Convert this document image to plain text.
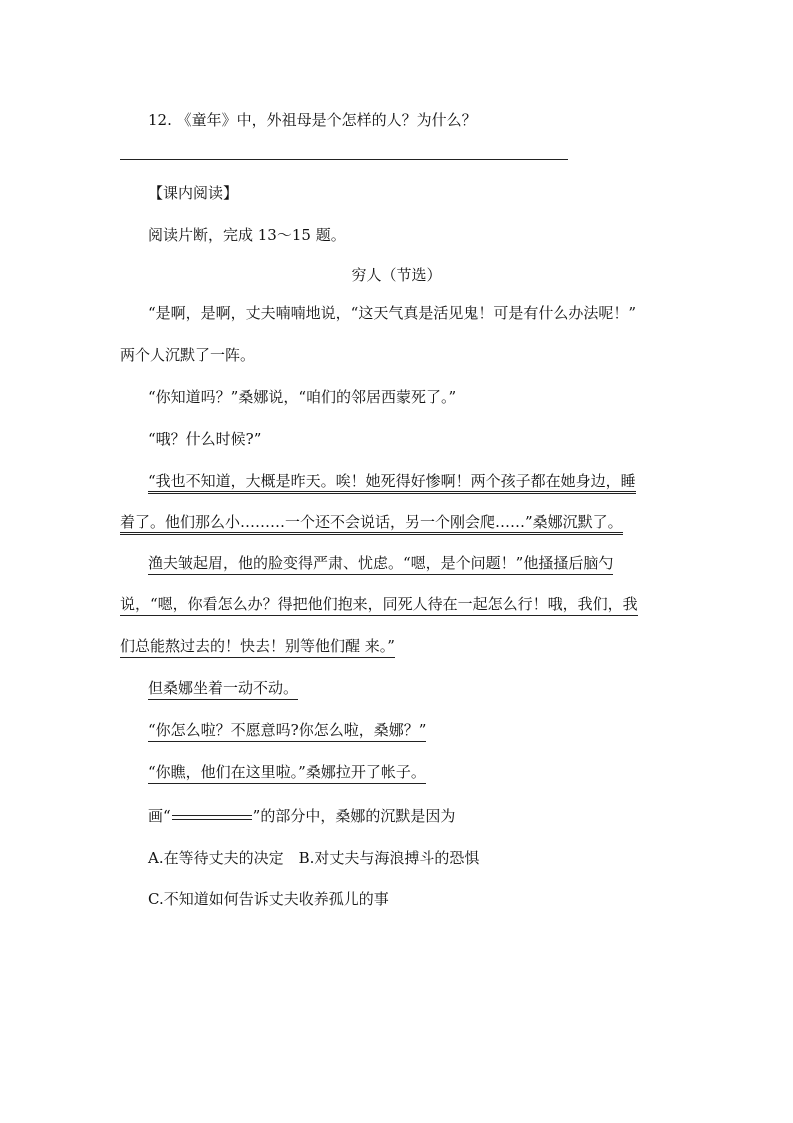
12. 《童年》中，外祖母是个怎样的人？为什么？
【课内阅读】
阅读片断，完成 13～15 题。
穷人（节选）
“是啊，是啊，丈夫喃喃地说，“这天气真是活见鬼！可是有什么办法呢！”
两个人沉默了一阵。
“你知道吗？”桑娜说，“咱们的邻居西蒙死了。”
“哦？什么时候?”
“我也不知道，大概是昨天。唉！她死得好惨啊！两个孩子都在她身边，睡
着了。他们那么小………一个还不会说话，另一个刚会爬……”桑娜沉默了。
渔夫皱起眉，他的脸变得严肃、忧虑。“嗯，是个问题！”他搔搔后脑勺
说，“嗯，你看怎么办？得把他们抱来，同死人待在一起怎么行！哦，我们，我
们总能熬过去的！快去！别等他们醒 来。”
但桑娜坐着一动不动。
“你怎么啦？不愿意吗?你怎么啦，桑娜？”
“你瞧，他们在这里啦。”桑娜拉开了帐子。
画“	”的部分中，桑娜的沉默是因为
A.在等待丈夫的决定　B.对丈夫与海浪搏斗的恐惧
C.不知道如何告诉丈夫收养孤儿的事
